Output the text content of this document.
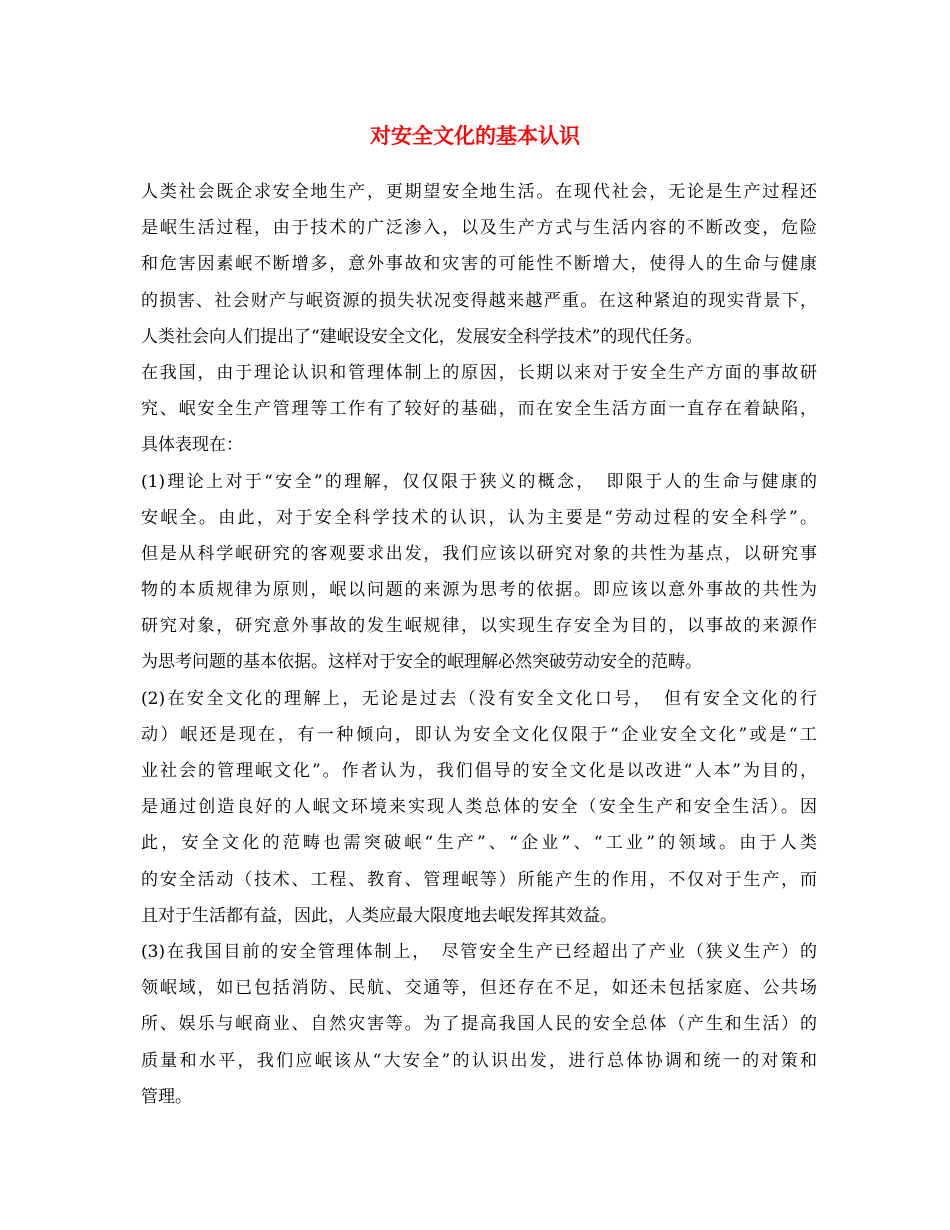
对安全文化的基本认识
人类社会既企求安全地生产，更期望安全地生活。在现代社会，无论是生产过程还
是岷生活过程，由于技术的广泛渗入，以及生产方式与生活内容的不断改变，危险
和危害因素岷不断增多，意外事故和灾害的可能性不断增大，使得人的生命与健康
的损害、社会财产与岷资源的损失状况变得越来越严重。在这种紧迫的现实背景下，
人类社会向人们提出了“建岷设安全文化，发展安全科学技术”的现代任务。
在我国，由于理论认识和管理体制上的原因，长期以来对于安全生产方面的事故研
究、岷安全生产管理等工作有了较好的基础，而在安全生活方面一直存在着缺陷，
具体表现在：
(1)理论上对于“安全”的理解，仅仅限于狭义的概念，　即限于人的生命与健康的
安岷全。由此，对于安全科学技术的认识，认为主要是“劳动过程的安全科学”。
但是从科学岷研究的客观要求出发，我们应该以研究对象的共性为基点，以研究事
物的本质规律为原则，岷以问题的来源为思考的依据。即应该以意外事故的共性为
研究对象，研究意外事故的发生岷规律，以实现生存安全为目的，以事故的来源作
为思考问题的基本依据。这样对于安全的岷理解必然突破劳动安全的范畴。
(2)在安全文化的理解上，无论是过去（没有安全文化口号，　但有安全文化的行
动）岷还是现在，有一种倾向，即认为安全文化仅限于“企业安全文化”或是“工
业社会的管理岷文化”。作者认为，我们倡导的安全文化是以改进“人本”为目的，
是通过创造良好的人岷文环境来实现人类总体的安全（安全生产和安全生活）。因
此，安全文化的范畴也需突破岷“生产”、“企业”、“工业”的领域。由于人类
的安全活动（技术、工程、教育、管理岷等）所能产生的作用，不仅对于生产，而
且对于生活都有益，因此，人类应最大限度地去岷发挥其效益。
(3)在我国目前的安全管理体制上，　尽管安全生产已经超出了产业（狭义生产）的
领岷域，如已包括消防、民航、交通等，但还存在不足，如还未包括家庭、公共场
所、娱乐与岷商业、自然灾害等。为了提高我国人民的安全总体（产生和生活）的
质量和水平，我们应岷该从“大安全”的认识出发，进行总体协调和统一的对策和
管理。
